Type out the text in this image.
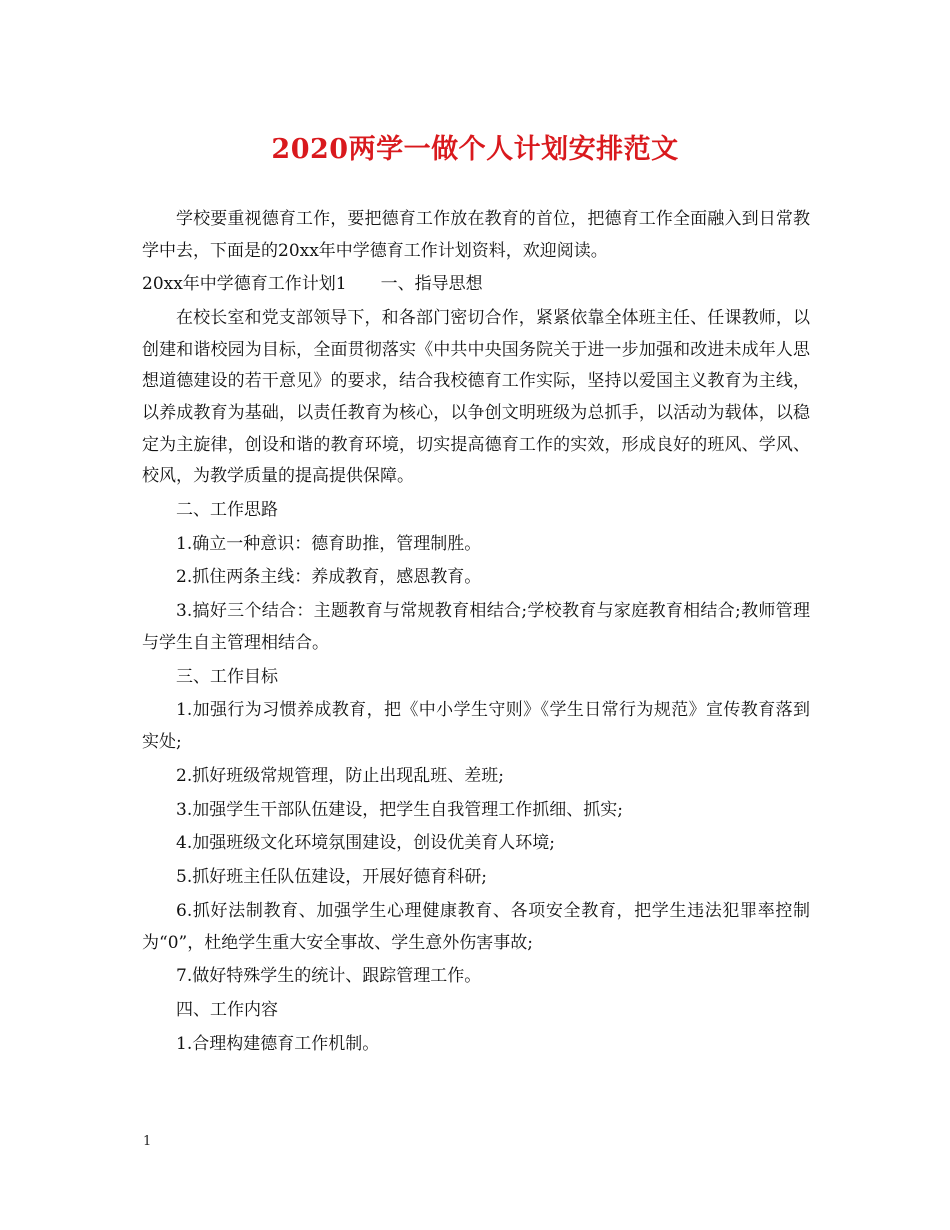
2020两学一做个人计划安排范文

学校要重视德育工作，要把德育工作放在教育的首位，把德育工作全面融入到日常教学中去，下面是的20xx年中学德育工作计划资料，欢迎阅读。

20xx年中学德育工作计划1　　一、指导思想

在校长室和党支部领导下，和各部门密切合作，紧紧依靠全体班主任、任课教师，以创建和谐校园为目标，全面贯彻落实《中共中央国务院关于进一步加强和改进未成年人思想道德建设的若干意见》的要求，结合我校德育工作实际，坚持以爱国主义教育为主线，以养成教育为基础，以责任教育为核心，以争创文明班级为总抓手，以活动为载体，以稳定为主旋律，创设和谐的教育环境，切实提高德育工作的实效，形成良好的班风、学风、校风，为教学质量的提高提供保障。

二、工作思路

1.确立一种意识：德育助推，管理制胜。

2.抓住两条主线：养成教育，感恩教育。

3.搞好三个结合：主题教育与常规教育相结合;学校教育与家庭教育相结合;教师管理与学生自主管理相结合。

三、工作目标

1.加强行为习惯养成教育，把《中小学生守则》《学生日常行为规范》宣传教育落到实处;

2.抓好班级常规管理，防止出现乱班、差班;

3.加强学生干部队伍建设，把学生自我管理工作抓细、抓实;

4.加强班级文化环境氛围建设，创设优美育人环境;

5.抓好班主任队伍建设，开展好德育科研;

6.抓好法制教育、加强学生心理健康教育、各项安全教育，把学生违法犯罪率控制为“0”，杜绝学生重大安全事故、学生意外伤害事故;

7.做好特殊学生的统计、跟踪管理工作。

四、工作内容

1.合理构建德育工作机制。

1
